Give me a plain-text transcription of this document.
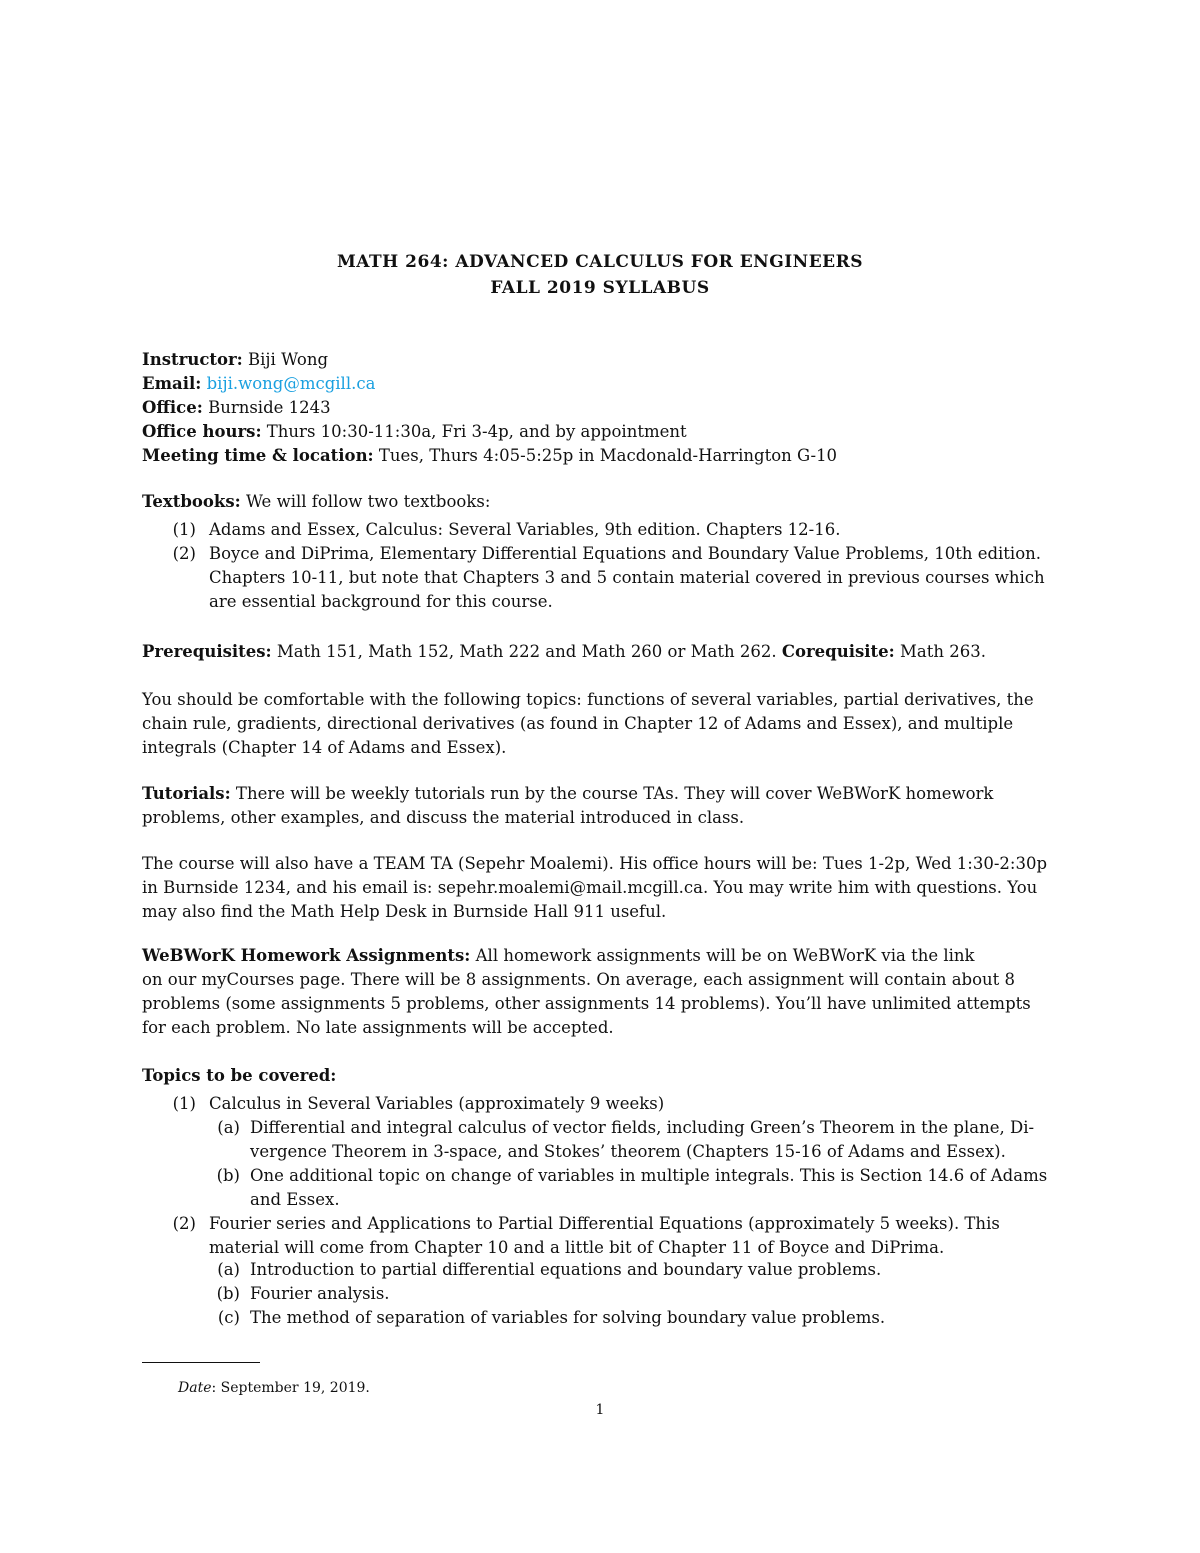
MATH 264: ADVANCED CALCULUS FOR ENGINEERS
FALL 2019 SYLLABUS
Instructor: Biji Wong
Email: biji.wong@mcgill.ca
Office: Burnside 1243
Office hours: Thurs 10:30-11:30a, Fri 3-4p, and by appointment
Meeting time & location: Tues, Thurs 4:05-5:25p in Macdonald-Harrington G-10
Textbooks: We will follow two textbooks:
(1) Adams and Essex, Calculus: Several Variables, 9th edition. Chapters 12-16.
(2) Boyce and DiPrima, Elementary Differential Equations and Boundary Value Problems, 10th edition.
Chapters 10-11, but note that Chapters 3 and 5 contain material covered in previous courses which
are essential background for this course.
Prerequisites: Math 151, Math 152, Math 222 and Math 260 or Math 262. Corequisite: Math 263.
You should be comfortable with the following topics: functions of several variables, partial derivatives, the
chain rule, gradients, directional derivatives (as found in Chapter 12 of Adams and Essex), and multiple
integrals (Chapter 14 of Adams and Essex).
Tutorials: There will be weekly tutorials run by the course TAs. They will cover WeBWorK homework
problems, other examples, and discuss the material introduced in class.
The course will also have a TEAM TA (Sepehr Moalemi). His office hours will be: Tues 1-2p, Wed 1:30-2:30p
in Burnside 1234, and his email is: sepehr.moalemi@mail.mcgill.ca. You may write him with questions. You
may also find the Math Help Desk in Burnside Hall 911 useful.
WeBWorK Homework Assignments: All homework assignments will be on WeBWorK via the link
on our myCourses page. There will be 8 assignments. On average, each assignment will contain about 8
problems (some assignments 5 problems, other assignments 14 problems). You’ll have unlimited attempts
for each problem. No late assignments will be accepted.
Topics to be covered:
(1) Calculus in Several Variables (approximately 9 weeks)
(a) Differential and integral calculus of vector fields, including Green’s Theorem in the plane, Di-
vergence Theorem in 3-space, and Stokes’ theorem (Chapters 15-16 of Adams and Essex).
(b) One additional topic on change of variables in multiple integrals. This is Section 14.6 of Adams
and Essex.
(2) Fourier series and Applications to Partial Differential Equations (approximately 5 weeks). This
material will come from Chapter 10 and a little bit of Chapter 11 of Boyce and DiPrima.
(a) Introduction to partial differential equations and boundary value problems.
(b) Fourier analysis.
(c) The method of separation of variables for solving boundary value problems.
Date: September 19, 2019.
1
